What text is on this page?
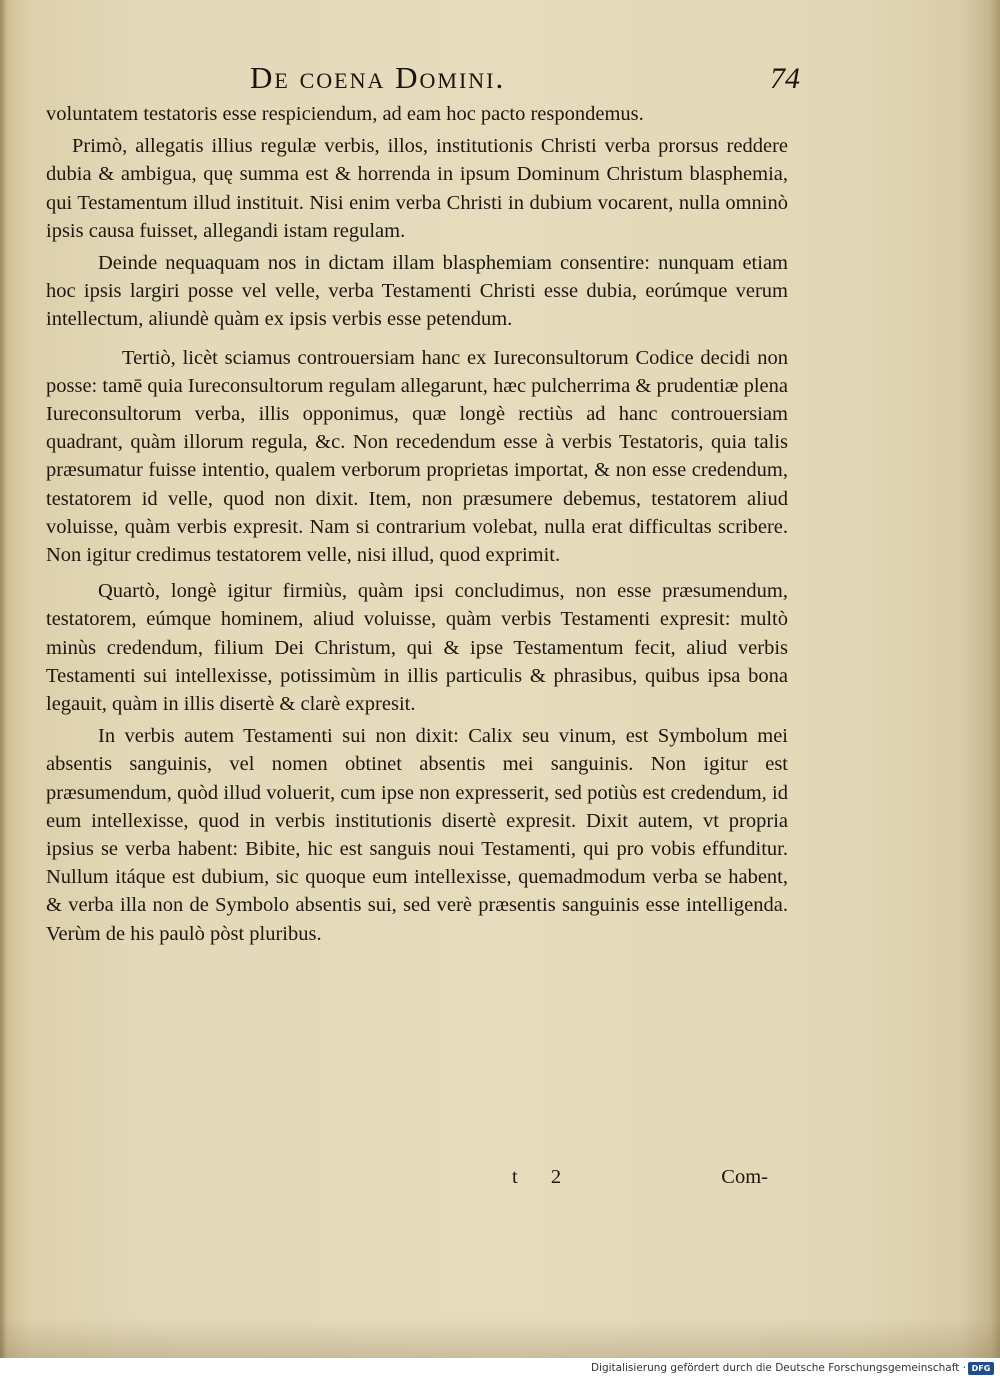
De coena Domini.	74

voluntatem testatoris esse respiciendum, ad eam hoc pacto respondemus.

Primò, allegatis illius regulæ verbis, illos, institutionis Christi verba prorsus reddere dubia & ambigua, quę summa est & horrenda in ipsum Dominum Christum blasphemia, qui Testamentum illud instituit. Nisi enim verba Christi in dubium vocarent, nulla omninò ipsis causa fuisset, allegandi istam regulam.

Deinde nequaquam nos in dictam illam blasphemiam consentire: nunquam etiam hoc ipsis largiri posse vel velle, verba Testamenti Christi esse dubia, eorúmque verum intellectum, aliundè quàm ex ipsis verbis esse petendum.

Tertiò, licèt sciamus controuersiam hanc ex Iureconsultorum Codice decidi non posse: tamē quia Iureconsultorum regulam allegarunt, hæc pulcherrima & prudentiæ plena Iureconsultorum verba, illis opponimus, quæ longè rectiùs ad hanc controuersiam quadrant, quàm illorum regula, &c. Non recedendum esse à verbis Testatoris, quia talis præsumatur fuisse intentio, qualem verborum proprietas importat, & non esse credendum, testatorem id velle, quod non dixit. Item, non præsumere debemus, testatorem aliud voluisse, quàm verbis expresit. Nam si contrarium volebat, nulla erat difficultas scribere. Non igitur credimus testatorem velle, nisi illud, quod exprimit.

Quartò, longè igitur firmiùs, quàm ipsi concludimus, non esse præsumendum, testatorem, eúmque hominem, aliud voluisse, quàm verbis Testamenti expresit: multò minùs credendum, filium Dei Christum, qui & ipse Testamentum fecit, aliud verbis Testamenti sui intellexisse, potissimùm in illis particulis & phrasibus, quibus ipsa bona legauit, quàm in illis disertè & clarè expresit.

In verbis autem Testamenti sui non dixit: Calix seu vinum, est Symbolum mei absentis sanguinis, vel nomen obtinet absentis mei sanguinis. Non igitur est præsumendum, quòd illud voluerit, cum ipse non expresserit, sed potiùs est credendum, id eum intellexisse, quod in verbis institutionis disertè expresit. Dixit autem, vt propria ipsius se verba habent: Bibite, hic est sanguis noui Testamenti, qui pro vobis effunditur. Nullum itáque est dubium, sic quoque eum intellexisse, quemadmodum verba se habent, & verba illa non de Symbolo absentis sui, sed verè præsentis sanguinis esse intelligenda. Verùm de his paulò pòst pluribus.

t 2	Com-
Digitalisierung gefördert durch die Deutsche Forschungsgemeinschaft · DFG
